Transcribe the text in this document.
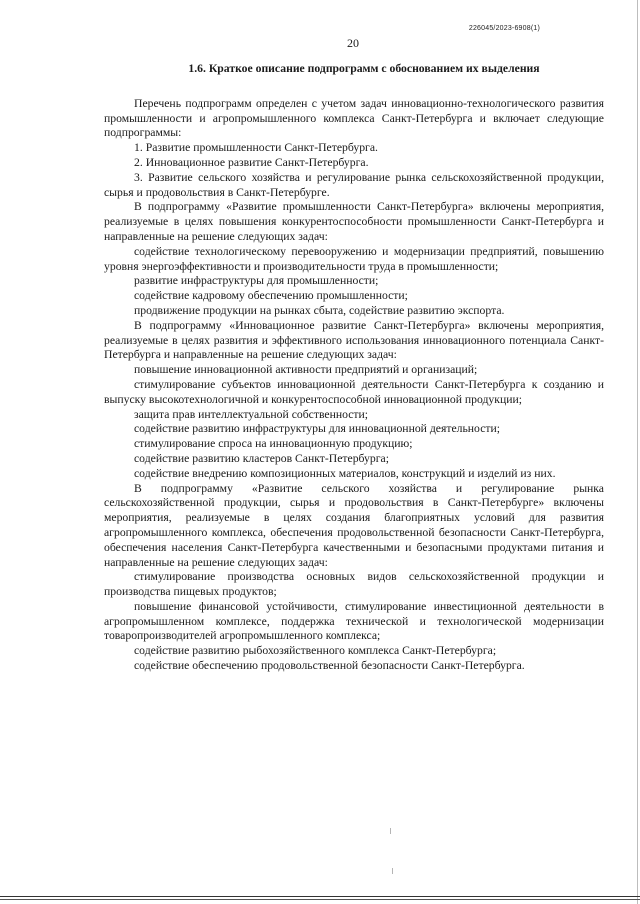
226045/2023-6908(1)
20
1.6. Краткое описание подпрограмм с обоснованием их выделения

Перечень подпрограмм определен с учетом задач инновационно-технологического развития промышленности и агропромышленного комплекса Санкт-Петербурга и включает следующие подпрограммы:

1. Развитие промышленности Санкт-Петербурга.

2. Инновационное развитие Санкт-Петербурга.

3. Развитие сельского хозяйства и регулирование рынка сельскохозяйственной продукции, сырья и продовольствия в Санкт-Петербурге.

В подпрограмму «Развитие промышленности Санкт-Петербурга» включены мероприятия, реализуемые в целях повышения конкурентоспособности промышленности Санкт-Петербурга и направленные на решение следующих задач:

содействие технологическому перевооружению и модернизации предприятий, повышению уровня энергоэффективности и производительности труда в промышленности;

развитие инфраструктуры для промышленности;

содействие кадровому обеспечению промышленности;

продвижение продукции на рынках сбыта, содействие развитию экспорта.

В подпрограмму «Инновационное развитие Санкт-Петербурга» включены мероприятия, реализуемые в целях развития и эффективного использования инновационного потенциала Санкт-Петербурга и направленные на решение следующих задач:

повышение инновационной активности предприятий и организаций;

стимулирование субъектов инновационной деятельности Санкт-Петербурга к созданию и выпуску высокотехнологичной и конкурентоспособной инновационной продукции;

защита прав интеллектуальной собственности;

содействие развитию инфраструктуры для инновационной деятельности;

стимулирование спроса на инновационную продукцию;

содействие развитию кластеров Санкт-Петербурга;

содействие внедрению композиционных материалов, конструкций и изделий из них.

В подпрограмму «Развитие сельского хозяйства и регулирование рынка сельскохозяйственной продукции, сырья и продовольствия в Санкт-Петербурге» включены мероприятия, реализуемые в целях создания благоприятных условий для развития агропромышленного комплекса, обеспечения продовольственной безопасности Санкт-Петербурга, обеспечения населения Санкт-Петербурга качественными и безопасными продуктами питания и направленные на решение следующих задач:

стимулирование производства основных видов сельскохозяйственной продукции и производства пищевых продуктов;

повышение финансовой устойчивости, стимулирование инвестиционной деятельности в агропромышленном комплексе, поддержка технической и технологической модернизации товаропроизводителей агропромышленного комплекса;

содействие развитию рыбохозяйственного комплекса Санкт-Петербурга;

содействие обеспечению продовольственной безопасности Санкт-Петербурга.
